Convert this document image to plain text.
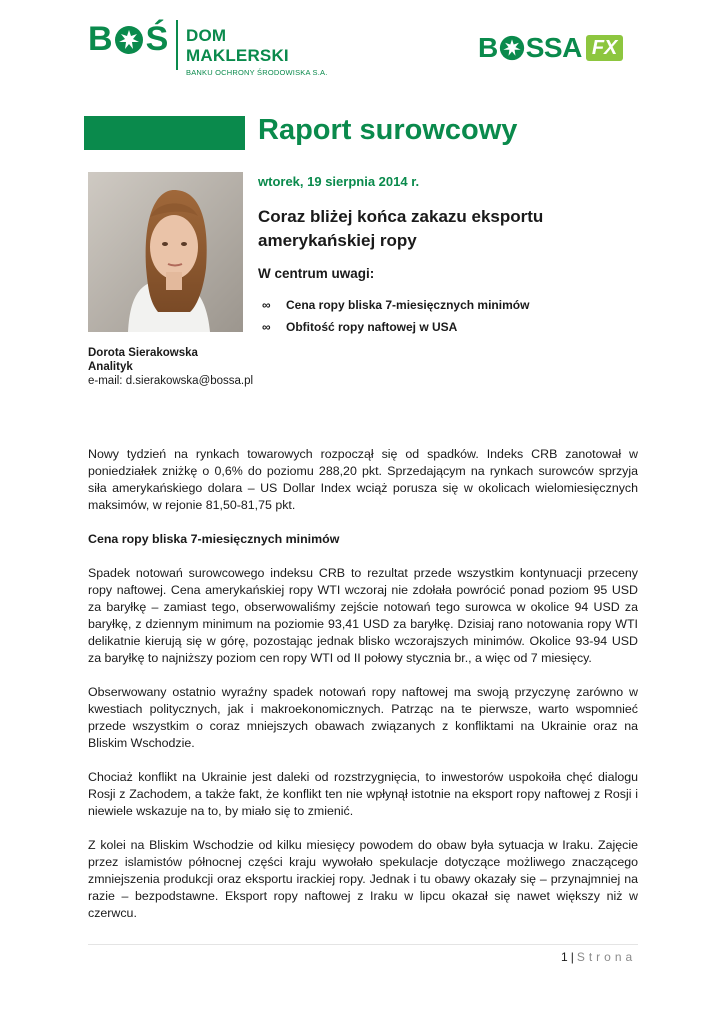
B Ś DOM MAKLERSKI
BANKU OCHRONY ŚRODOWISKA S.A.
B SSA FX
Raport surowcowy
wtorek, 19 sierpnia 2014 r.
Coraz bliżej końca zakazu eksportu amerykańskiej ropy
W centrum uwagi:
∞	Cena ropy bliska 7-miesięcznych minimów
∞	Obfitość ropy naftowej w USA
Dorota Sierakowska
Analityk
e-mail: d.sierakowska@bossa.pl

Nowy tydzień na rynkach towarowych rozpoczął się od spadków. Indeks CRB zanotował w poniedziałek zniżkę o 0,6% do poziomu 288,20 pkt. Sprzedającym na rynkach surowców sprzyja siła amerykańskiego dolara – US Dollar Index wciąż porusza się w okolicach wielomiesięcznych maksimów, w rejonie 81,50-81,75 pkt.

Cena ropy bliska 7-miesięcznych minimów

Spadek notowań surowcowego indeksu CRB to rezultat przede wszystkim kontynuacji przeceny ropy naftowej. Cena amerykańskiej ropy WTI wczoraj nie zdołała powrócić ponad poziom 95 USD za baryłkę – zamiast tego, obserwowaliśmy zejście notowań tego surowca w okolice 94 USD za baryłkę, z dziennym minimum na poziomie 93,41 USD za baryłkę. Dzisiaj rano notowania ropy WTI delikatnie kierują się w górę, pozostając jednak blisko wczorajszych minimów. Okolice 93-94 USD za baryłkę to najniższy poziom cen ropy WTI od II połowy stycznia br., a więc od 7 miesięcy.

Obserwowany ostatnio wyraźny spadek notowań ropy naftowej ma swoją przyczynę zarówno w kwestiach politycznych, jak i makroekonomicznych. Patrząc na te pierwsze, warto wspomnieć przede wszystkim o coraz mniejszych obawach związanych z konfliktami na Ukrainie oraz na Bliskim Wschodzie.

Chociaż konflikt na Ukrainie jest daleki od rozstrzygnięcia, to inwestorów uspokoiła chęć dialogu Rosji z Zachodem, a także fakt, że konflikt ten nie wpłynął istotnie na eksport ropy naftowej z Rosji i niewiele wskazuje na to, by miało się to zmienić.

Z kolei na Bliskim Wschodzie od kilku miesięcy powodem do obaw była sytuacja w Iraku. Zajęcie przez islamistów północnej części kraju wywołało spekulacje dotyczące możliwego znaczącego zmniejszenia produkcji oraz eksportu irackiej ropy. Jednak i tu obawy okazały się – przynajmniej na razie – bezpodstawne. Eksport ropy naftowej z Iraku w lipcu okazał się nawet większy niż w czerwcu.

1 | Strona
